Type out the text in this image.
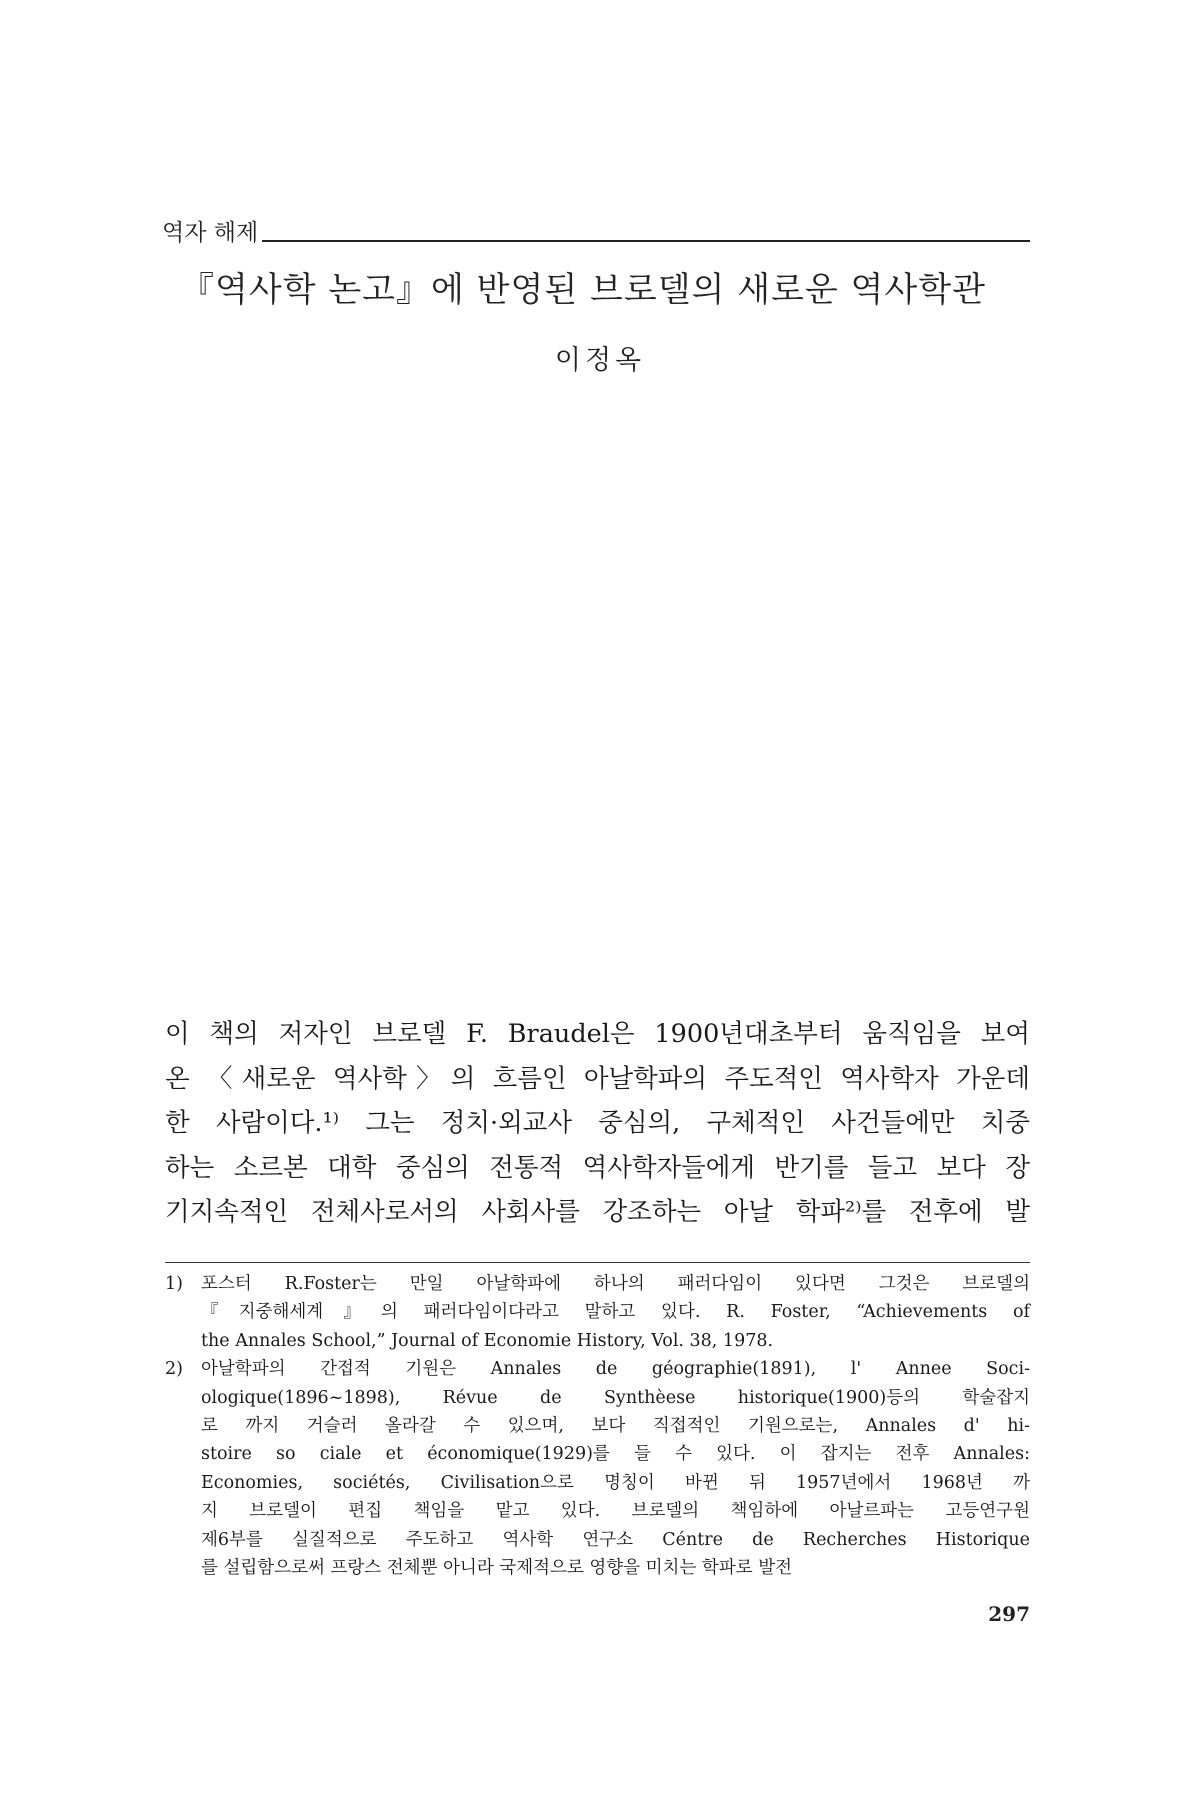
역자 해제
『역사학 논고』에 반영된 브로델의 새로운 역사학관
이정옥

이 책의 저자인 브로델 F. Braudel은 1900년대초부터 움직임을 보여
온 〈새로운 역사학〉의 흐름인 아날학파의 주도적인 역사학자 가운데
한 사람이다.¹⁾ 그는 정치·외교사 중심의, 구체적인 사건들에만 치중
하는 소르본 대학 중심의 전통적 역사학자들에게 반기를 들고 보다 장
기지속적인 전체사로서의 사회사를 강조하는 아날 학파²⁾를 전후에 발

1)	포스터 R.Foster는 만일 아날학파에 하나의 패러다임이 있다면 그것은 브로델의
『지중해세계』의 패러다임이다라고 말하고 있다. R. Foster, “Achievements of
the Annales School,” Journal of Economie History, Vol. 38, 1978.
2)	아날학파의 간접적 기원은 Annales de géographie(1891), l' Annee Soci-
ologique(1896~1898), Révue de Synthèese historique(1900)등의 학술잡지
로 까지 거슬러 올라갈 수 있으며, 보다 직접적인 기원으로는, Annales d' hi-
stoire so ciale et économique(1929)를 들 수 있다. 이 잡지는 전후 Annales:
Economies, sociétés, Civilisation으로 명칭이 바뀐 뒤 1957년에서 1968년 까
지 브로델이 편집 책임을 맡고 있다. 브로델의 책임하에 아날르파는 고등연구원
제6부를 실질적으로 주도하고 역사학 연구소 Céntre de Recherches Historique
를 설립함으로써 프랑스 전체뿐 아니라 국제적으로 영향을 미치는 학파로 발전
297
